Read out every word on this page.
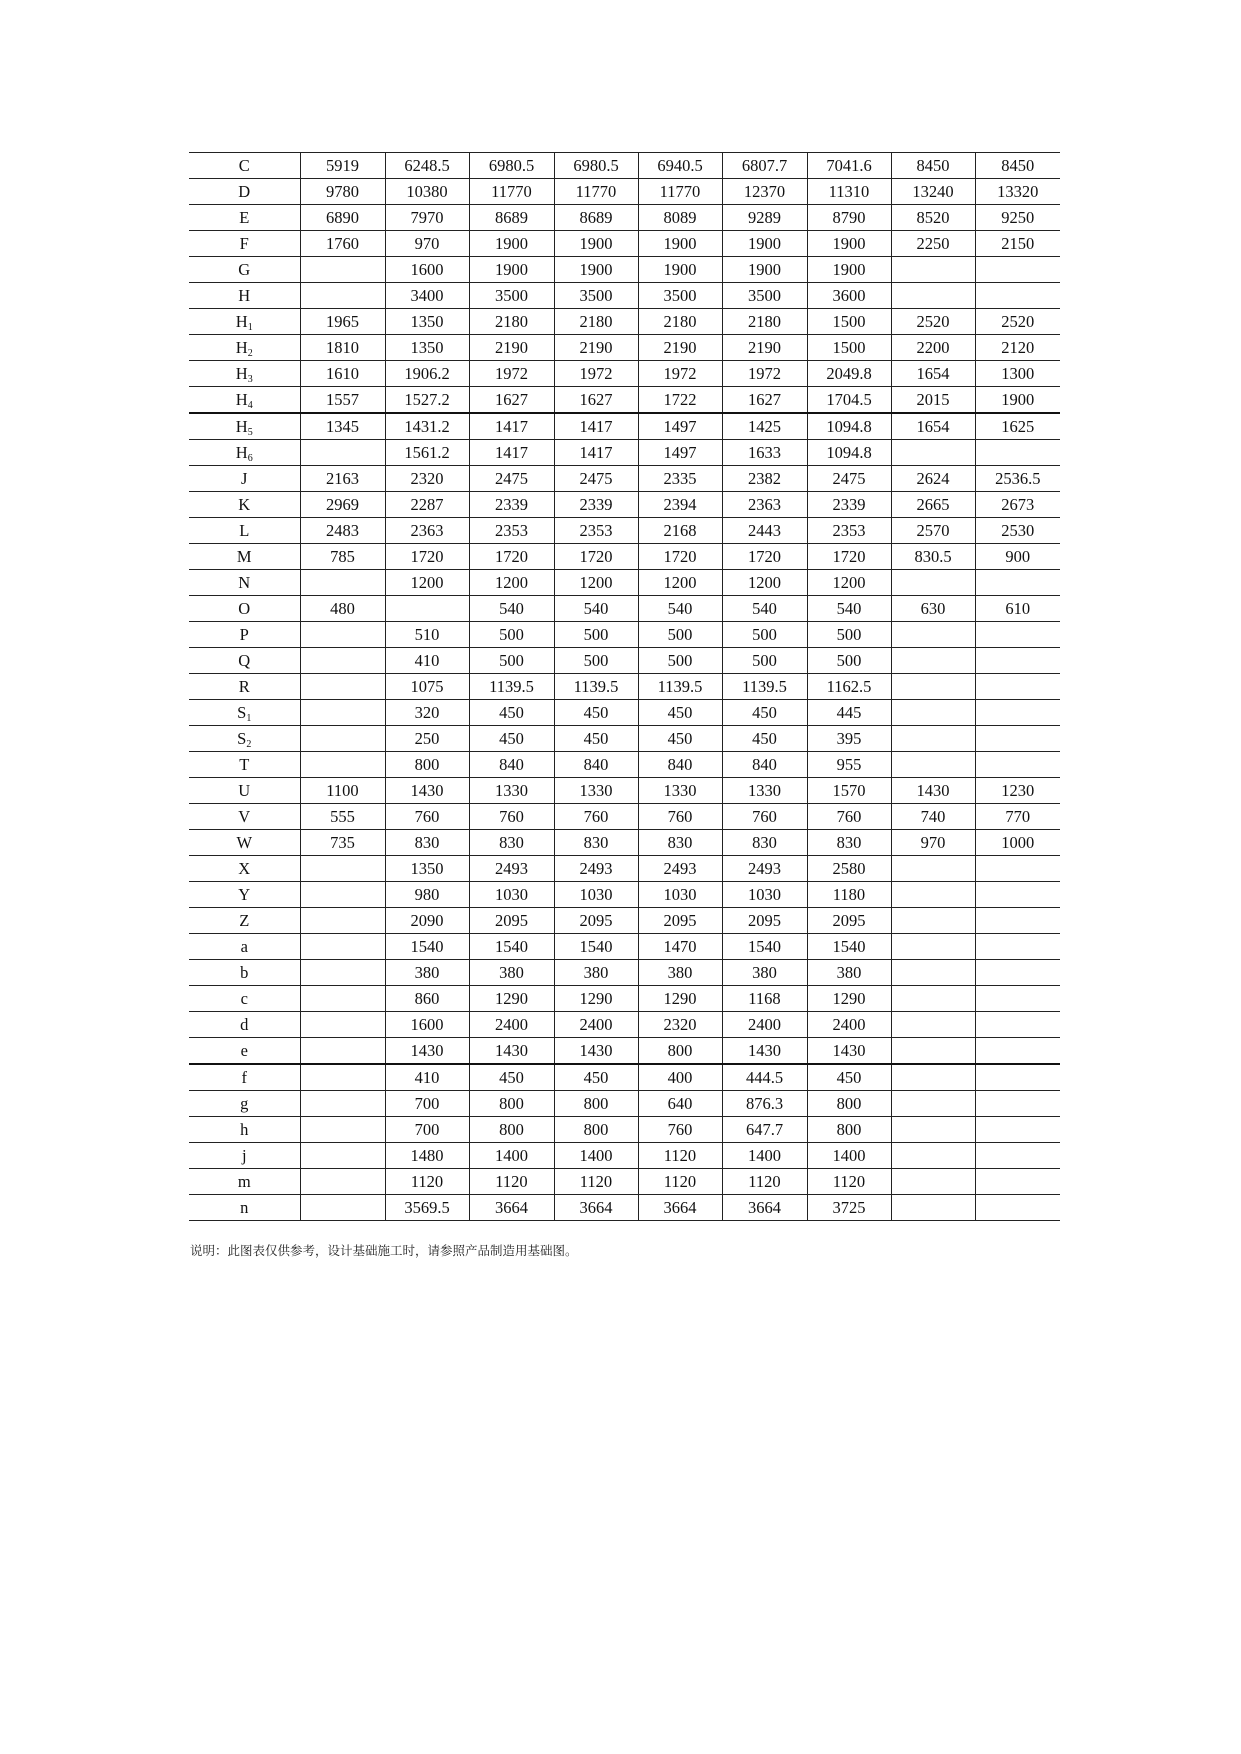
C	5919	6248.5	6980.5	6980.5	6940.5	6807.7	7041.6	8450	8450
D	9780	10380	11770	11770	11770	12370	11310	13240	13320
E	6890	7970	8689	8689	8089	9289	8790	8520	9250
F	1760	970	1900	1900	1900	1900	1900	2250	2150
G		1600	1900	1900	1900	1900	1900		
H		3400	3500	3500	3500	3500	3600		
$H_1$	1965	1350	2180	2180	2180	2180	1500	2520	2520
$H_2$	1810	1350	2190	2190	2190	2190	1500	2200	2120
$H_3$	1610	1906.2	1972	1972	1972	1972	2049.8	1654	1300
$H_4$	1557	1527.2	1627	1627	1722	1627	1704.5	2015	1900
$H_5$	1345	1431.2	1417	1417	1497	1425	1094.8	1654	1625
$H_6$		1561.2	1417	1417	1497	1633	1094.8		
J	2163	2320	2475	2475	2335	2382	2475	2624	2536.5
K	2969	2287	2339	2339	2394	2363	2339	2665	2673
L	2483	2363	2353	2353	2168	2443	2353	2570	2530
M	785	1720	1720	1720	1720	1720	1720	830.5	900
N		1200	1200	1200	1200	1200	1200		
O	480		540	540	540	540	540	630	610
P		510	500	500	500	500	500		
Q		410	500	500	500	500	500		
R		1075	1139.5	1139.5	1139.5	1139.5	1162.5		
$S_1$		320	450	450	450	450	445		
$S_2$		250	450	450	450	450	395		
T		800	840	840	840	840	955		
U	1100	1430	1330	1330	1330	1330	1570	1430	1230
V	555	760	760	760	760	760	760	740	770
W	735	830	830	830	830	830	830	970	1000
X		1350	2493	2493	2493	2493	2580		
Y		980	1030	1030	1030	1030	1180		
Z		2090	2095	2095	2095	2095	2095		
a		1540	1540	1540	1470	1540	1540		
b		380	380	380	380	380	380		
c		860	1290	1290	1290	1168	1290		
d		1600	2400	2400	2320	2400	2400		
e		1430	1430	1430	800	1430	1430		
f		410	450	450	400	444.5	450		
g		700	800	800	640	876.3	800		
h		700	800	800	760	647.7	800		
j		1480	1400	1400	1120	1400	1400		
m		1120	1120	1120	1120	1120	1120		
n		3569.5	3664	3664	3664	3664	3725		
说明：此图表仅供参考，设计基础施工时，请参照产品制造用基础图。
